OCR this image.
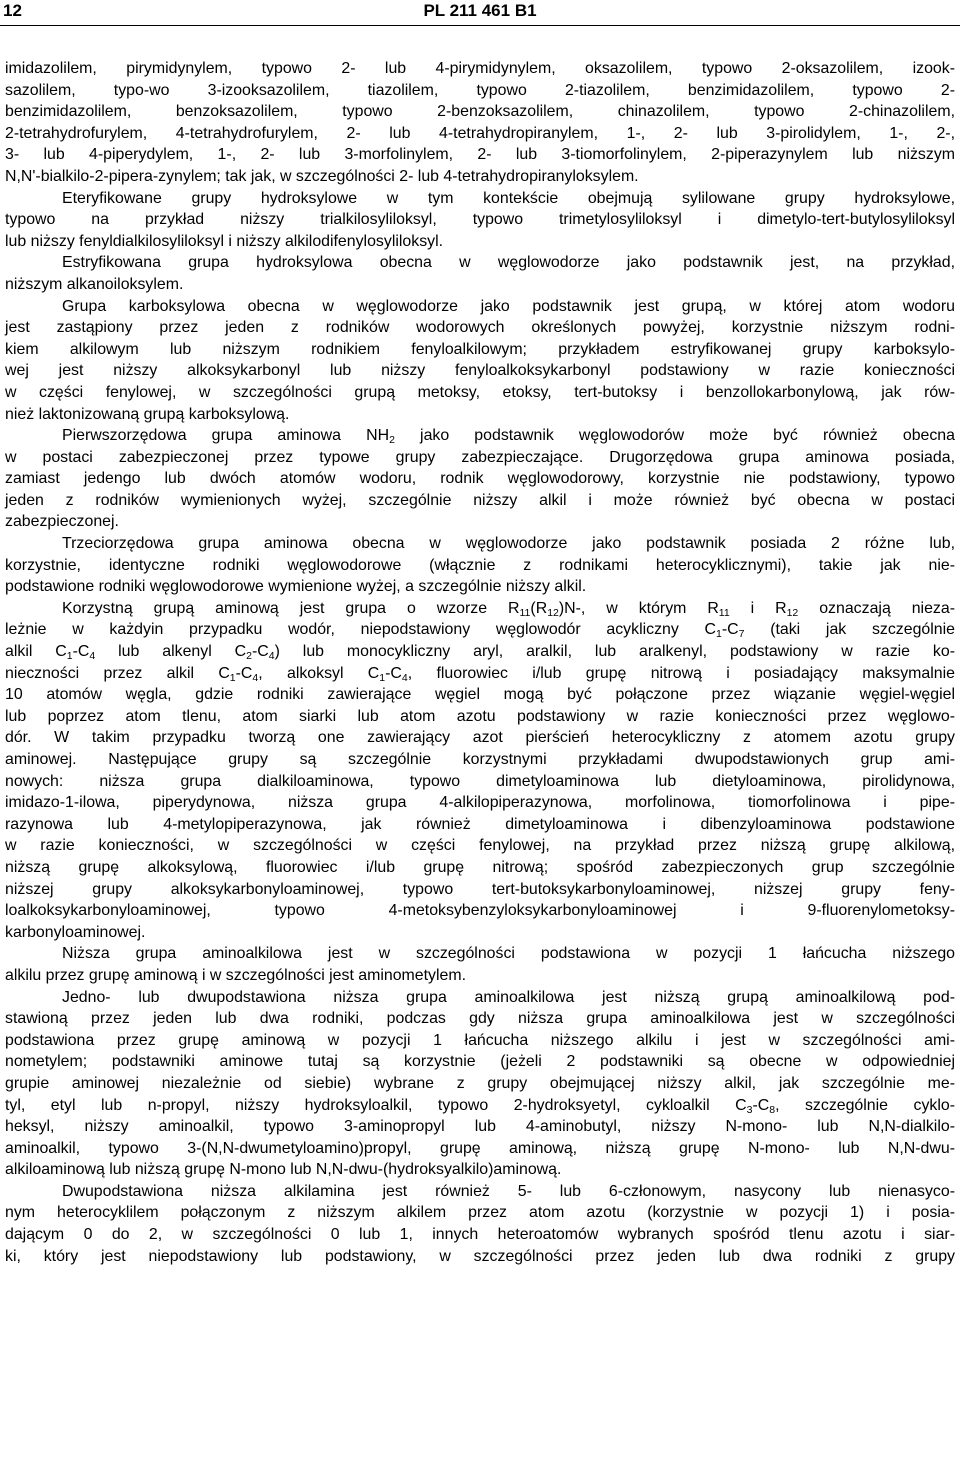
12	PL 211 461 B1
imidazolilem, pirymidynylem, typowo 2- lub 4-pirymidynylem, oksazolilem, typowo 2-oksazolilem, izook-
sazolilem, typo-wo 3-izooksazolilem, tiazolilem, typowo 2-tiazolilem, benzimidazolilem, typowo 2-
benzimidazolilem, benzoksazolilem, typowo 2-benzoksazolilem, chinazolilem, typowo 2-chinazolilem,
2-tetrahydrofurylem, 4-tetrahydrofurylem, 2- lub 4-tetrahydropiranylem, 1-, 2- lub 3-pirolidylem, 1-, 2-,
3- lub 4-piperydylem, 1-, 2- lub 3-morfolinylem, 2- lub 3-tiomorfolinylem, 2-piperazynylem lub niższym
N,N'-bialkilo-2-pipera-zynylem; tak jak, w szczególności 2- lub 4-tetrahydropiranyloksylem.
Eteryfikowane grupy hydroksylowe w tym kontekście obejmują sylilowane grupy hydroksylowe,
typowo na przykład niższy trialkilosyliloksyl, typowo trimetylosyliloksyl i dimetylo-tert-butylosyliloksyl
lub niższy fenyldialkilosyliloksyl i niższy alkilodifenylosyliloksyl.
Estryfikowana grupa hydroksylowa obecna w węglowodorze jako podstawnik jest, na przykład,
niższym alkanoiloksylem.
Grupa karboksylowa obecna w węglowodorze jako podstawnik jest grupą, w której atom wodoru
jest zastąpiony przez jeden z rodników wodorowych określonych powyżej, korzystnie niższym rodni-
kiem alkilowym lub niższym rodnikiem fenyloalkilowym; przykładem estryfikowanej grupy karboksylo-
wej jest niższy alkoksykarbonyl lub niższy fenyloalkoksykarbonyl podstawiony w razie konieczności
w części fenylowej, w szczególności grupą metoksy, etoksy, tert-butoksy i benzollokarbonylową, jak rów-
nież laktonizowaną grupą karboksylową.
Pierwszorzędowa grupa aminowa $NH_2$ jako podstawnik węglowodorów może być również obecna
w postaci zabezpieczonej przez typowe grupy zabezpieczające. Drugorzędowa grupa aminowa posiada,
zamiast jedengo lub dwóch atomów wodoru, rodnik węglowodorowy, korzystnie nie podstawiony, typowo
jeden z rodników wymienionych wyżej, szczególnie niższy alkil i może również być obecna w postaci
zabezpieczonej.
Trzeciorzędowa grupa aminowa obecna w węglowodorze jako podstawnik posiada 2 różne lub,
korzystnie, identyczne rodniki węglowodorowe (włącznie z rodnikami heterocyklicznymi), takie jak nie-
podstawione rodniki węglowodorowe wymienione wyżej, a szczególnie niższy alkil.
Korzystną grupą aminową jest grupa o wzorze $R_{11}(R_{12})N-$, w którym $R_{11}$ i $R_{12}$ oznaczają nieza-
leżnie w każdyin przypadku wodór, niepodstawiony węglowodór acykliczny $C_1-C_7$ (taki jak szczególnie
alkil $C_1-C_4$ lub alkenyl $C_2-C_4$) lub monocykliczny aryl, aralkil, lub aralkenyl, podstawiony w razie ko-
nieczności przez alkil $C_1-C_4$, alkoksyl $C_1-C_4$, fluorowiec i/lub grupę nitrową i posiadający maksymalnie
10 atomów węgla, gdzie rodniki zawierające węgiel mogą być połączone przez wiązanie węgiel-węgiel
lub poprzez atom tlenu, atom siarki lub atom azotu podstawiony w razie konieczności przez węglowo-
dór. W takim przypadku tworzą one zawierający azot pierścień heterocykliczny z atomem azotu grupy
aminowej. Następujące grupy są szczególnie korzystnymi przykładami dwupodstawionych grup ami-
nowych: niższa grupa dialkiloaminowa, typowo dimetyloaminowa lub dietyloaminowa, pirolidynowa,
imidazo-1-ilowa, piperydynowa, niższa grupa 4-alkilopiperazynowa, morfolinowa, tiomorfolinowa i pipe-
razynowa lub 4-metylopiperazynowa, jak również dimetyloaminowa i dibenzyloaminowa podstawione
w razie konieczności, w szczególności w części fenylowej, na przykład przez niższą grupę alkilową,
niższą grupę alkoksylową, fluorowiec i/lub grupę nitrową; spośród zabezpieczonych grup szczególnie
niższej grupy alkoksykarbonyloaminowej, typowo tert-butoksykarbonyloaminowej, niższej grupy feny-
loalkoksykarbonyloaminowej, typowo 4-metoksybenzyloksykarbonyloaminowej i 9-fluorenylometoksy-
karbonyloaminowej.
Niższa grupa aminoalkilowa jest w szczególności podstawiona w pozycji 1 łańcucha niższego
alkilu przez grupę aminową i w szczególności jest aminometylem.
Jedno- lub dwupodstawiona niższa grupa aminoalkilowa jest niższą grupą aminoalkilową pod-
stawioną przez jeden lub dwa rodniki, podczas gdy niższa grupa aminoalkilowa jest w szczególności
podstawiona przez grupę aminową w pozycji 1 łańcucha niższego alkilu i jest w szczególności ami-
nometylem; podstawniki aminowe tutaj są korzystnie (jeżeli 2 podstawniki są obecne w odpowiedniej
grupie aminowej niezależnie od siebie) wybrane z grupy obejmującej niższy alkil, jak szczególnie me-
tyl, etyl lub n-propyl, niższy hydroksyloalkil, typowo 2-hydroksyetyl, cykloalkil $C_3-C_8$, szczególnie cyklo-
heksyl, niższy aminoalkil, typowo 3-aminopropyl lub 4-aminobutyl, niższy N-mono- lub N,N-dialkilo-
aminoalkil, typowo 3-(N,N-dwumetyloamino)propyl, grupę aminową, niższą grupę N-mono- lub N,N-dwu-
alkiloaminową lub niższą grupę N-mono lub N,N-dwu-(hydroksyalkilo)aminową.
Dwupodstawiona niższa alkilamina jest również 5- lub 6-członowym, nasycony lub nienasyco-
nym heterocyklilem połączonym z niższym alkilem przez atom azotu (korzystnie w pozycji 1) i posia-
dającym 0 do 2, w szczególności 0 lub 1, innych heteroatomów wybranych spośród tlenu azotu i siar-
ki, który jest niepodstawiony lub podstawiony, w szczególności przez jeden lub dwa rodniki z grupy
